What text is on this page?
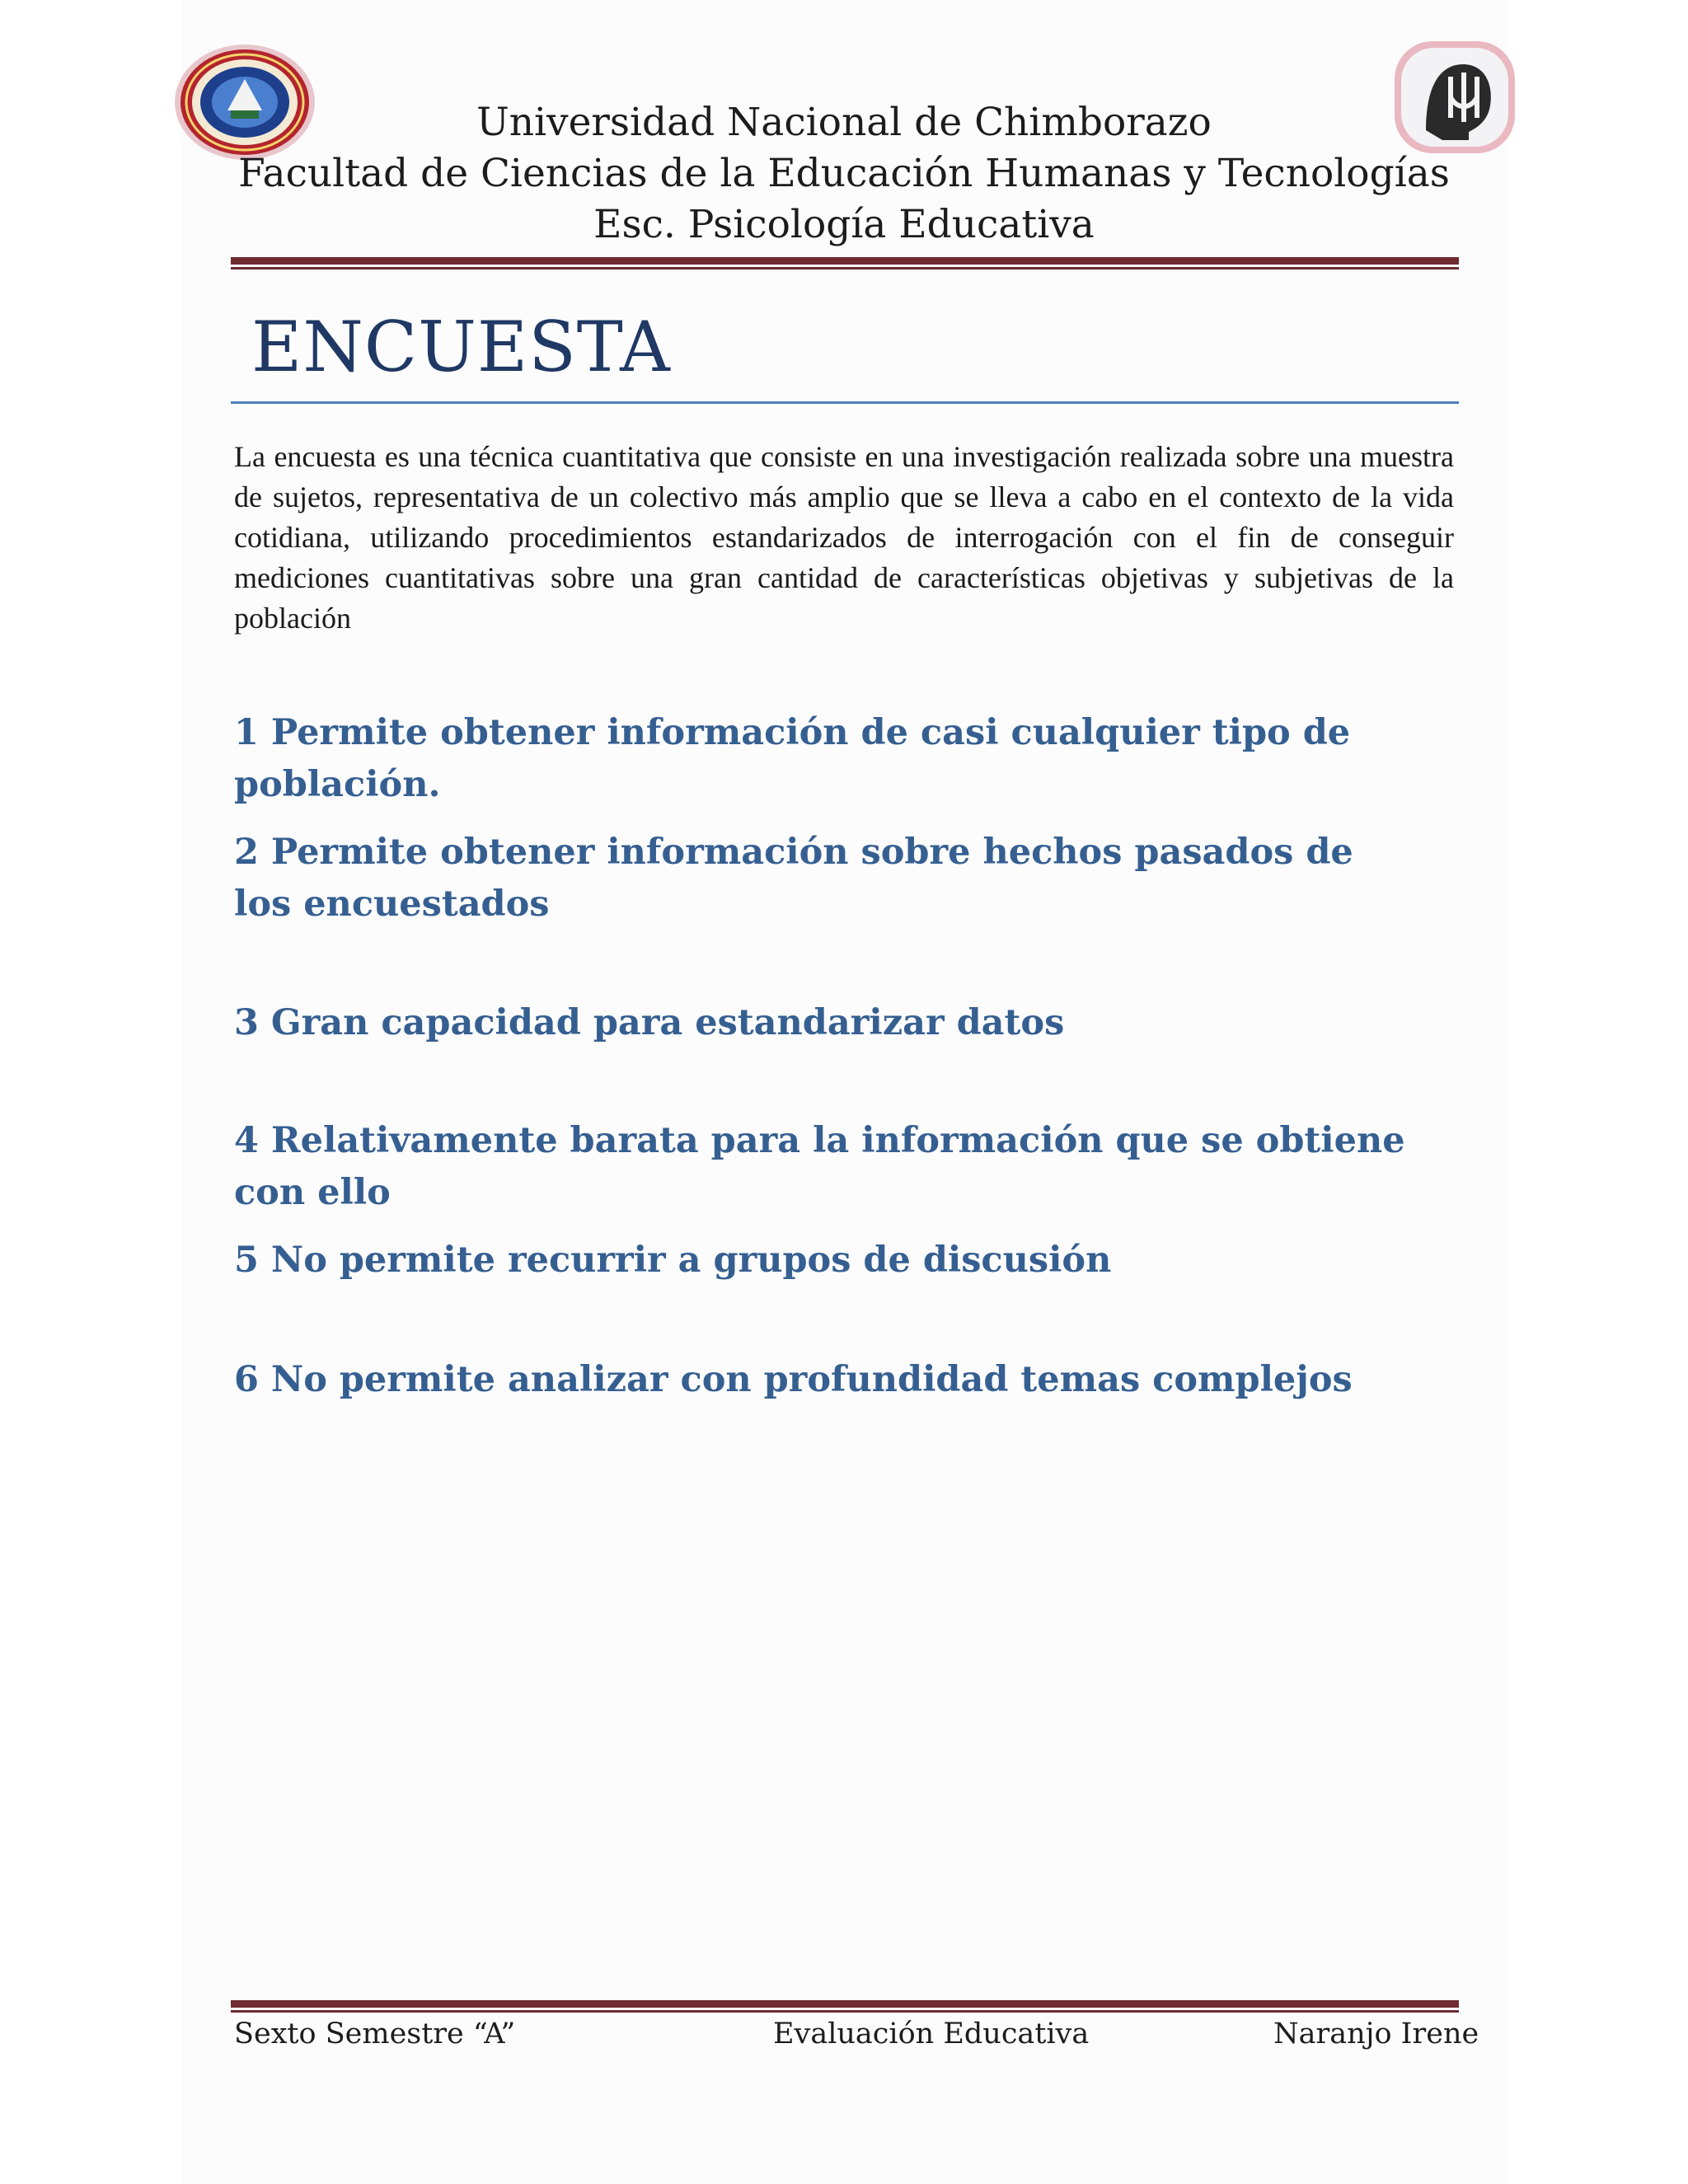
Universidad Nacional de Chimborazo
Facultad de Ciencias de la Educación Humanas y Tecnologías
Esc. Psicología Educativa
ENCUESTA
La encuesta es una técnica cuantitativa que consiste en una investigación realizada sobre una muestra de sujetos, representativa de un colectivo más amplio que se lleva a cabo en el contexto de la vida cotidiana, utilizando procedimientos estandarizados de interrogación con el fin de conseguir mediciones cuantitativas sobre una gran cantidad de características objetivas y subjetivas de la población
1 Permite obtener información de casi cualquier tipo de población.
2 Permite obtener información sobre hechos pasados de los encuestados
3 Gran capacidad para estandarizar datos
4 Relativamente barata para la información que se obtiene con ello
5 No permite recurrir a grupos de discusión
6 No permite analizar con profundidad temas complejos
Sexto Semestre “A”	Evaluación Educativa	Naranjo Irene
